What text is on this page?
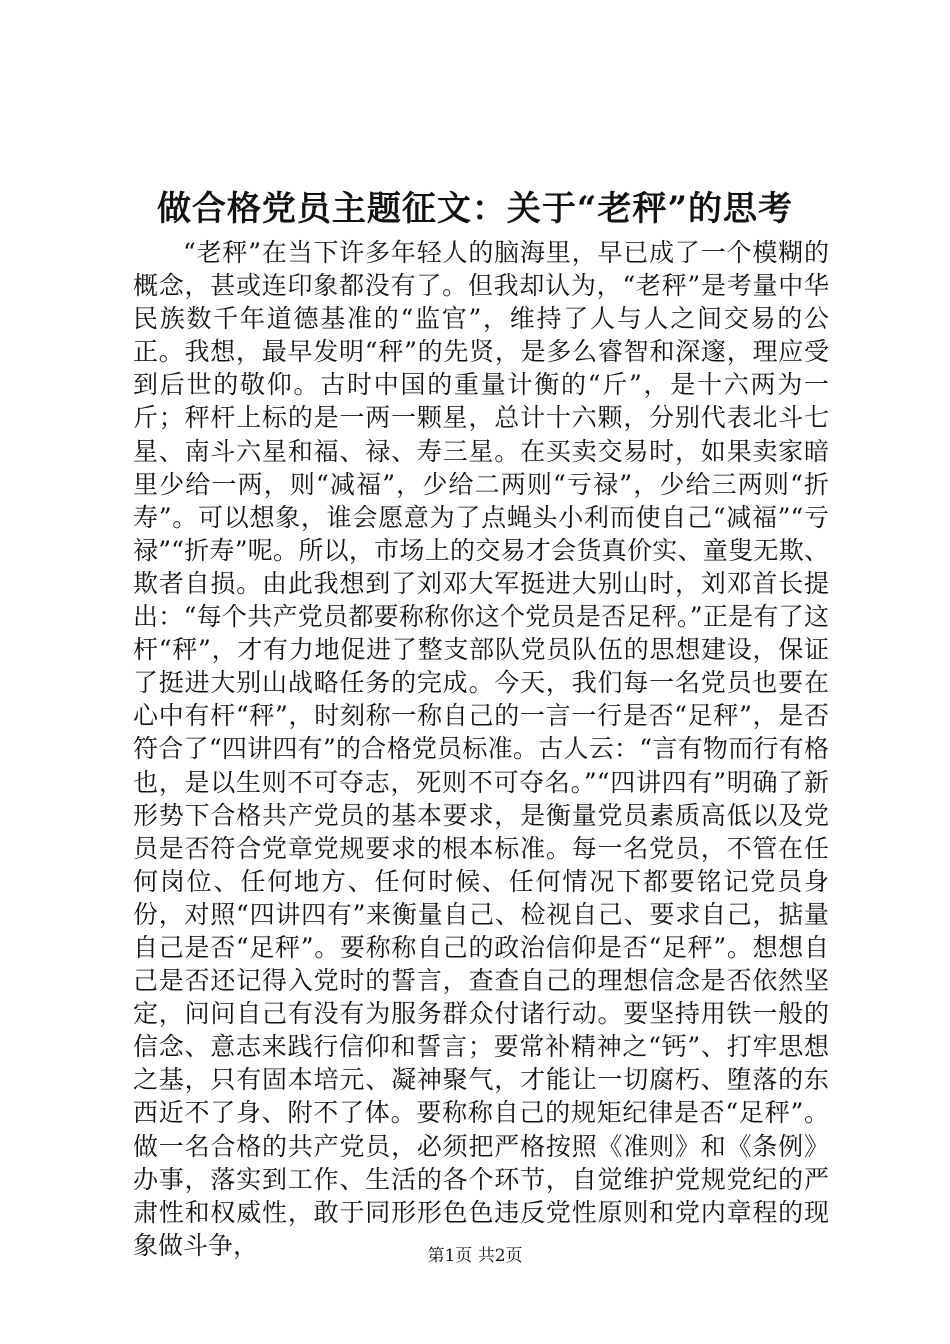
做合格党员主题征文：关于“老秤”的思考

“老秤”在当下许多年轻人的脑海里，早已成了一个模糊的概念，甚或连印象都没有了。但我却认为，“老秤”是考量中华民族数千年道德基准的“监官”，维持了人与人之间交易的公正。我想，最早发明“秤”的先贤，是多么睿智和深邃，理应受到后世的敬仰。古时中国的重量计衡的“斤”，是十六两为一斤；秤杆上标的是一两一颗星，总计十六颗，分别代表北斗七星、南斗六星和福、禄、寿三星。在买卖交易时，如果卖家暗里少给一两，则“减福”，少给二两则“亏禄”，少给三两则“折寿”。可以想象，谁会愿意为了点蝇头小利而使自己“减福”“亏禄”“折寿”呢。所以，市场上的交易才会货真价实、童叟无欺、欺者自损。由此我想到了刘邓大军挺进大别山时，刘邓首长提出：“每个共产党员都要称称你这个党员是否足秤。”正是有了这杆“秤”，才有力地促进了整支部队党员队伍的思想建设，保证了挺进大别山战略任务的完成。今天，我们每一名党员也要在心中有杆“秤”，时刻称一称自己的一言一行是否“足秤”，是否符合了“四讲四有”的合格党员标准。古人云：“言有物而行有格也，是以生则不可夺志，死则不可夺名。”“四讲四有”明确了新形势下合格共产党员的基本要求，是衡量党员素质高低以及党员是否符合党章党规要求的根本标准。每一名党员，不管在任何岗位、任何地方、任何时候、任何情况下都要铭记党员身份，对照“四讲四有”来衡量自己、检视自己、要求自己，掂量自己是否“足秤”。要称称自己的政治信仰是否“足秤”。想想自己是否还记得入党时的誓言，查查自己的理想信念是否依然坚定，问问自己有没有为服务群众付诸行动。要坚持用铁一般的信念、意志来践行信仰和誓言；要常补精神之“钙”、打牢思想之基，只有固本培元、凝神聚气，才能让一切腐朽、堕落的东西近不了身、附不了体。要称称自己的规矩纪律是否“足秤”。做一名合格的共产党员，必须把严格按照《准则》和《条例》办事，落实到工作、生活的各个环节，自觉维护党规党纪的严肃性和权威性，敢于同形形色色违反党性原则和党内章程的现象做斗争，	第1页 共2页
